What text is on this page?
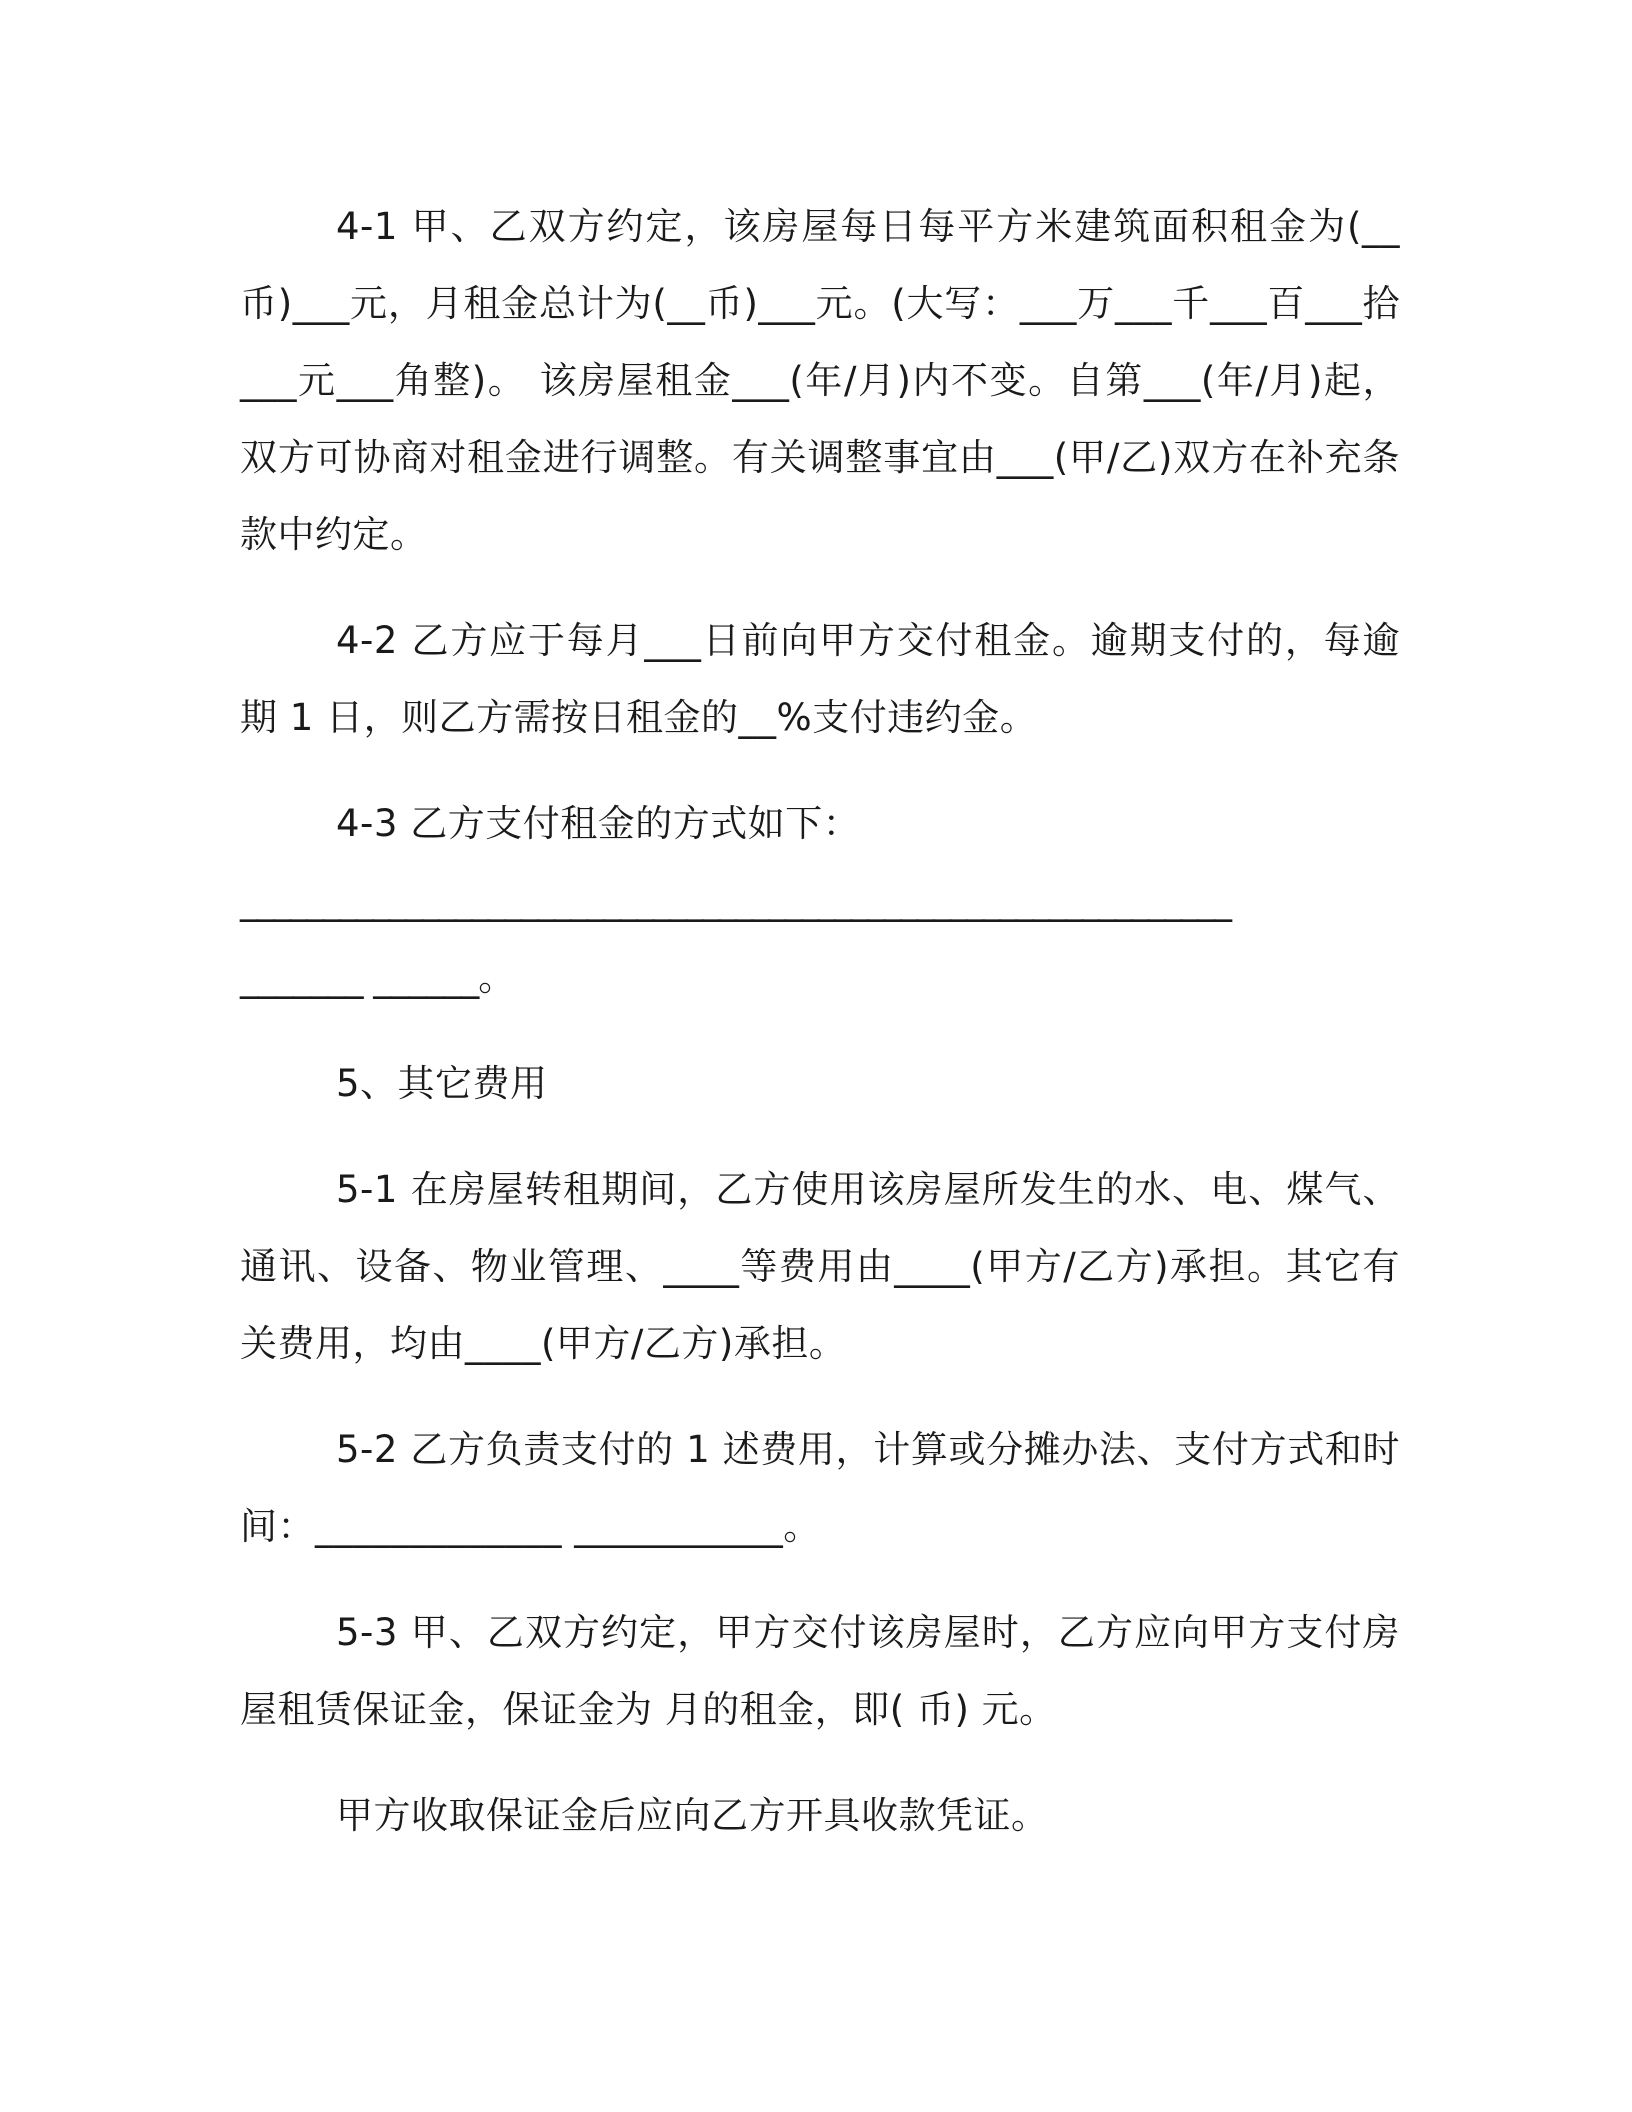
4-1 甲、乙双方约定，该房屋每日每平方米建筑面积租金为(__币)___元，月租金总计为(__币)___元。(大写：___万___千___百___拾___元___角整)。 该房屋租金___(年/月)内不变。自第___(年/月)起，双方可协商对租金进行调整。有关调整事宜由___(甲/乙)双方在补充条款中约定。

4-2 乙方应于每月___日前向甲方交付租金。逾期支付的，每逾期 1 日，则乙方需按日租金的__%支付违约金。

4-3 乙方支付租金的方式如下：

____________________________________________________________
_______ ______。

5、其它费用

5-1 在房屋转租期间，乙方使用该房屋所发生的水、电、煤气、通讯、设备、物业管理、____等费用由____(甲方/乙方)承担。其它有关费用，均由____(甲方/乙方)承担。

5-2 乙方负责支付的 1 述费用，计算或分摊办法、支付方式和时间：_____________ ___________。

5-3 甲、乙双方约定，甲方交付该房屋时，乙方应向甲方支付房屋租赁保证金，保证金为 月的租金，即( 币) 元。

甲方收取保证金后应向乙方开具收款凭证。
